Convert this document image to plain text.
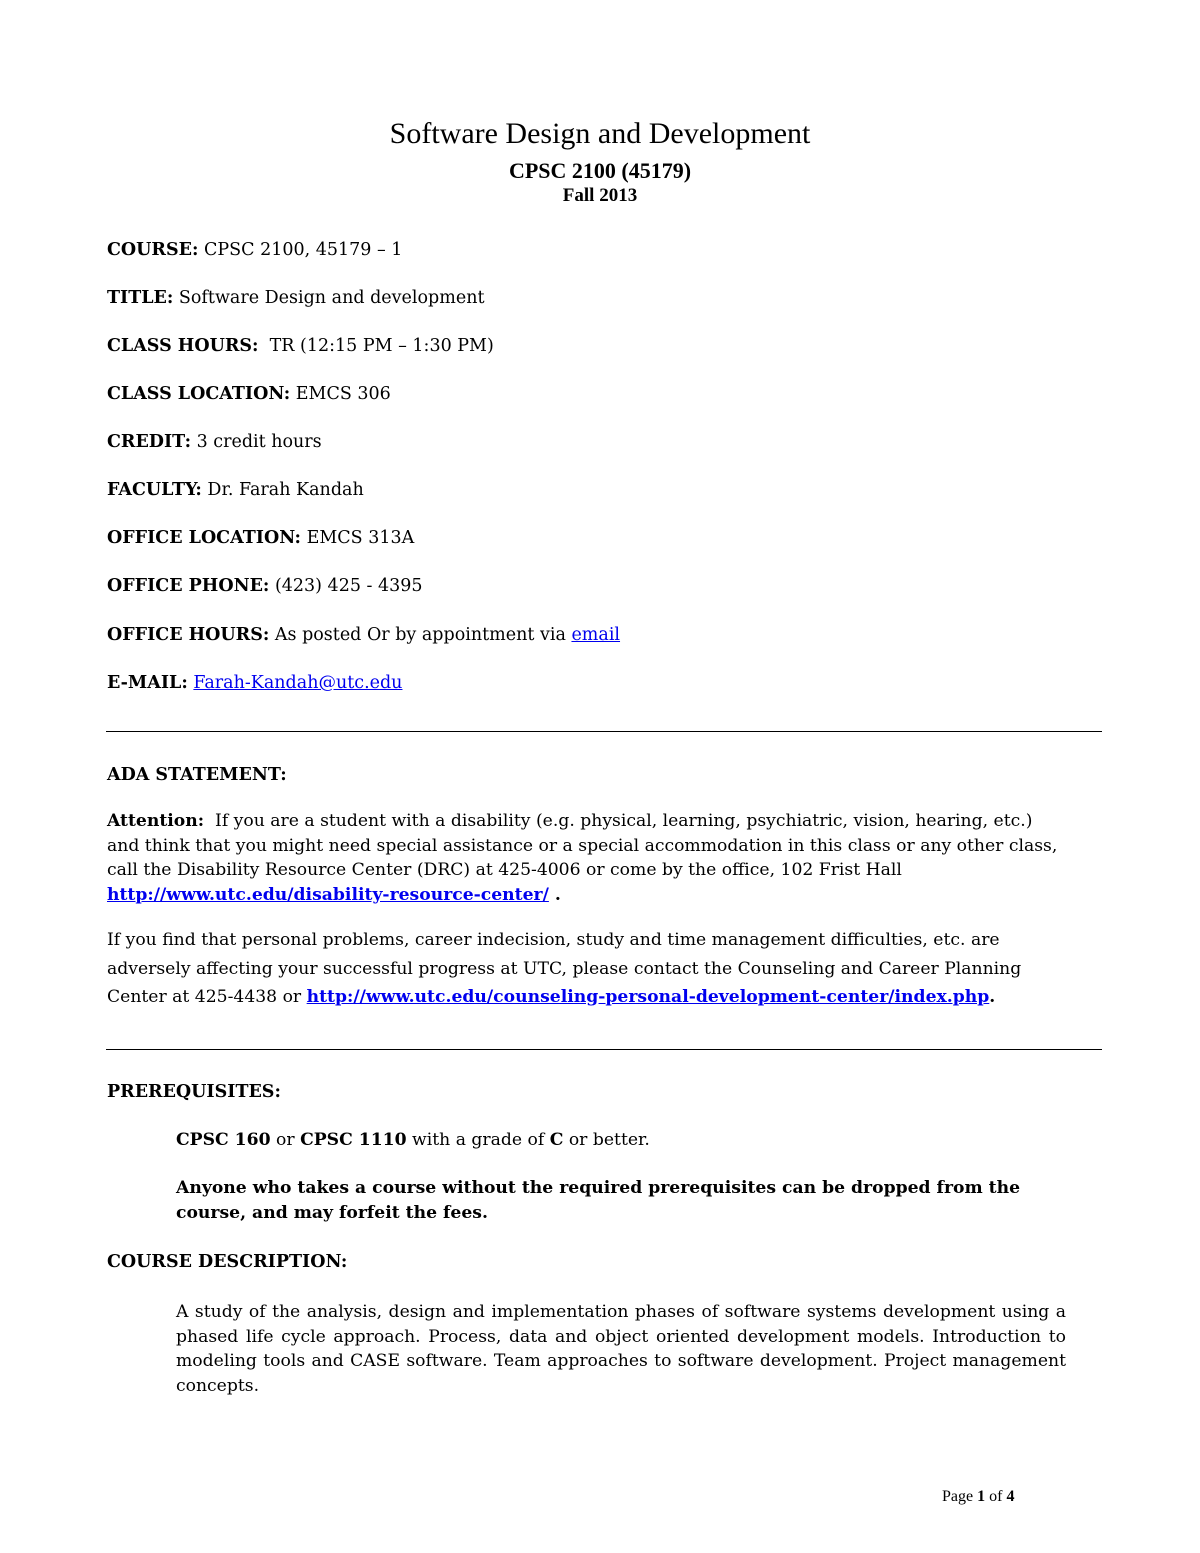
Software Design and Development
CPSC 2100 (45179)
Fall 2013
COURSE: CPSC 2100, 45179 – 1
TITLE: Software Design and development
CLASS HOURS:  TR (12:15 PM – 1:30 PM)
CLASS LOCATION: EMCS 306
CREDIT: 3 credit hours
FACULTY: Dr. Farah Kandah
OFFICE LOCATION: EMCS 313A
OFFICE PHONE: (423) 425 - 4395
OFFICE HOURS: As posted Or by appointment via email
E-MAIL: Farah-Kandah@utc.edu
ADA STATEMENT:
Attention:  If you are a student with a disability (e.g. physical, learning, psychiatric, vision, hearing, etc.) and think that you might need special assistance or a special accommodation in this class or any other class, call the Disability Resource Center (DRC) at 425-4006 or come by the office, 102 Frist Hall http://www.utc.edu/disability-resource-center/ .
If you find that personal problems, career indecision, study and time management difficulties, etc. are adversely affecting your successful progress at UTC, please contact the Counseling and Career Planning Center at 425-4438 or http://www.utc.edu/counseling-personal-development-center/index.php.
PREREQUISITES:
CPSC 160 or CPSC 1110 with a grade of C or better.
Anyone who takes a course without the required prerequisites can be dropped from the course, and may forfeit the fees.
COURSE DESCRIPTION:
A study of the analysis, design and implementation phases of software systems development using a phased life cycle approach. Process, data and object oriented development models. Introduction to modeling tools and CASE software. Team approaches to software development. Project management concepts.
Page 1 of 4
